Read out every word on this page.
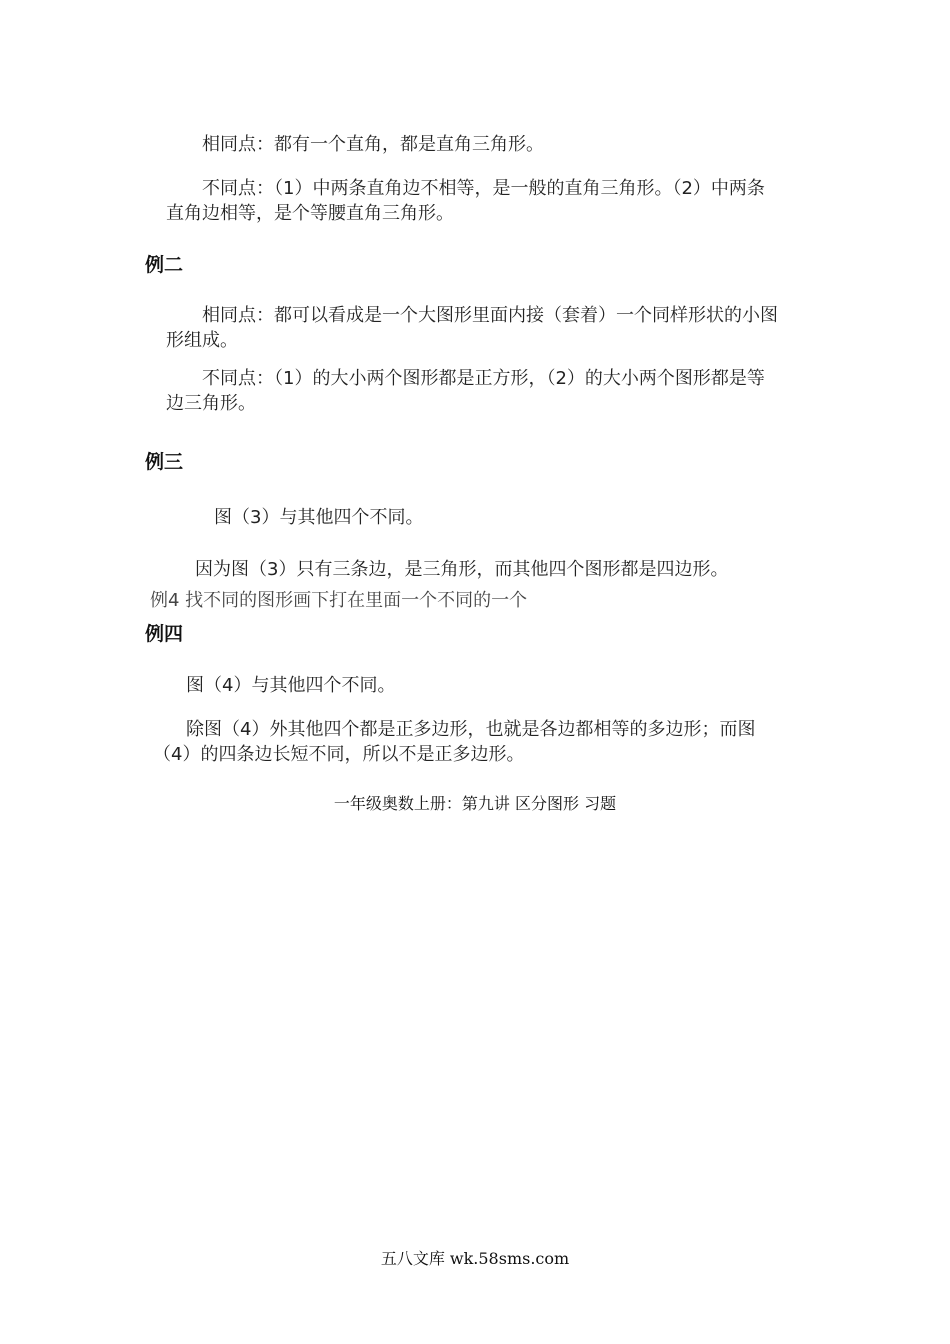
相同点：都有一个直角，都是直角三角形。
不同点：（1）中两条直角边不相等，是一般的直角三角形。（2）中两条
直角边相等，是个等腰直角三角形。
例二
相同点：都可以看成是一个大图形里面内接（套着）一个同样形状的小图
形组成。
不同点：（1）的大小两个图形都是正方形，（2）的大小两个图形都是等
边三角形。
例三
图（3）与其他四个不同。
因为图（3）只有三条边，是三角形，而其他四个图形都是四边形。
例4 找不同的图形画下打在里面一个不同的一个
例四
图（4）与其他四个不同。
除图（4）外其他四个都是正多边形，也就是各边都相等的多边形；而图
（4）的四条边长短不同，所以不是正多边形。
一年级奥数上册：第九讲 区分图形 习题
五八文库 wk.58sms.com
